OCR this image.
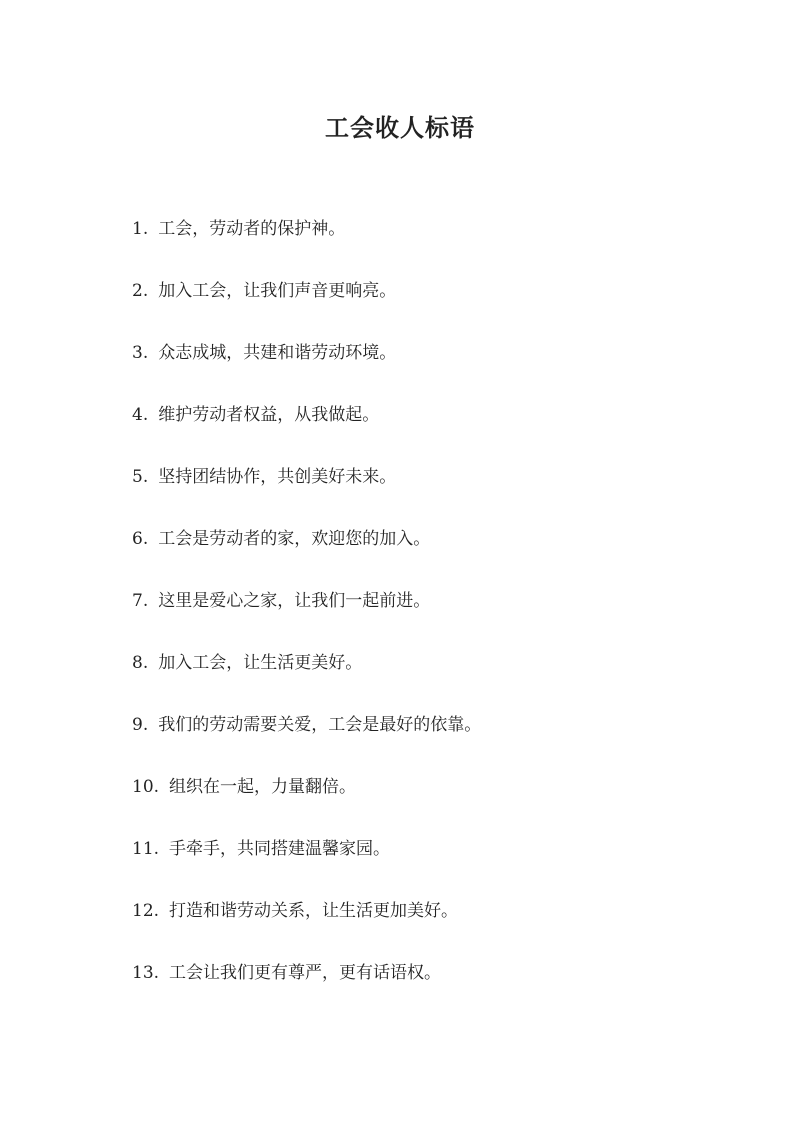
工会收人标语
1. 工会，劳动者的保护神。
2. 加入工会，让我们声音更响亮。
3. 众志成城，共建和谐劳动环境。
4. 维护劳动者权益，从我做起。
5. 坚持团结协作，共创美好未来。
6. 工会是劳动者的家，欢迎您的加入。
7. 这里是爱心之家，让我们一起前进。
8. 加入工会，让生活更美好。
9. 我们的劳动需要关爱，工会是最好的依靠。
10. 组织在一起，力量翻倍。
11. 手牵手，共同搭建温馨家园。
12. 打造和谐劳动关系，让生活更加美好。
13. 工会让我们更有尊严，更有话语权。
